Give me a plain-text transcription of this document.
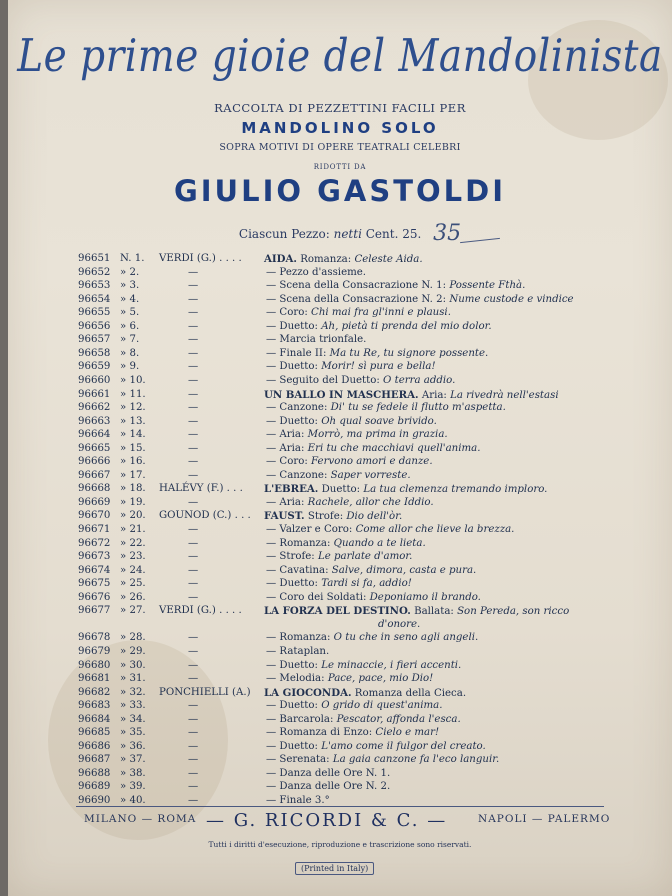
Le prime gioie del Mandolinista
RACCOLTA DI PEZZETTINI FACILI PER
MANDOLINO SOLO
SOPRA MOTIVI DI OPERE TEATRALI CELEBRI
RIDOTTI DA
GIULIO GASTOLDI
Ciascun Pezzo: netti Cent. 25. 35
96651 N. 1. VERDI (G.) . . . . AIDA. Romanza: Celeste Aida.
96652 » 2.	—	— Pezzo d'assieme.
96653 » 3.	—	— Scena della Consacrazione N. 1: Possente Fthà.
96654 » 4.	—	— Scena della Consacrazione N. 2: Nume custode e vindice
96655 » 5.	—	— Coro: Chi mai fra gl'inni e plausi.
96656 » 6.	—	— Duetto: Ah, pietà ti prenda del mio dolor.
96657 » 7.	—	— Marcia trionfale.
96658 » 8.	—	— Finale II: Ma tu Re, tu signore possente.
96659 » 9.	—	— Duetto: Morir! sì pura e bella!
96660 » 10.	—	— Seguito del Duetto: O terra addio.
96661 » 11.	—	UN BALLO IN MASCHERA. Aria: La rivedrà nell'estasi
96662 » 12.	—	— Canzone: Di' tu se fedele il flutto m'aspetta.
96663 » 13.	—	— Duetto: Oh qual soave brivido.
96664 » 14.	—	— Aria: Morrò, ma prima in grazia.
96665 » 15.	—	— Aria: Eri tu che macchiavi quell'anima.
96666 » 16.	—	— Coro: Fervono amori e danze.
96667 » 17.	—	— Canzone: Saper vorreste.
96668 » 18. HALÉVY (F.) . . . L'EBREA. Duetto: La tua clemenza tremando imploro.
96669 » 19.	—	— Aria: Rachele, allor che Iddio.
96670 » 20. GOUNOD (C.) . . . FAUST. Strofe: Dio dell'òr.
96671 » 21.	—	— Valzer e Coro: Come allor che lieve la brezza.
96672 » 22.	—	— Romanza: Quando a te lieta.
96673 » 23.	—	— Strofe: Le parlate d'amor.
96674 » 24.	—	— Cavatina: Salve, dimora, casta e pura.
96675 » 25.	—	— Duetto: Tardi si fa, addio!
96676 » 26.	—	— Coro dei Soldati: Deponiamo il brando.
96677 » 27. VERDI (G.) . . . . LA FORZA DEL DESTINO. Ballata: Son Pereda, son ricco
d'onore.
96678 » 28.	—	— Romanza: O tu che in seno agli angeli.
96679 » 29.	—	— Rataplan.
96680 » 30.	—	— Duetto: Le minaccie, i fieri accenti.
96681 » 31.	—	— Melodia: Pace, pace, mio Dio!
96682 » 32. PONCHIELLI (A.) LA GIOCONDA. Romanza della Cieca.
96683 » 33.	—	— Duetto: O grido di quest'anima.
96684 » 34.	—	— Barcarola: Pescator, affonda l'esca.
96685 » 35.	—	— Romanza di Enzo: Cielo e mar!
96686 » 36.	—	— Duetto: L'amo come il fulgor del creato.
96687 » 37.	—	— Serenata: La gaia canzone fa l'eco languir.
96688 » 38.	—	— Danza delle Ore N. 1.
96689 » 39.	—	— Danza delle Ore N. 2.
96690 » 40.	—	— Finale 3.°
MILANO — ROMA — G. RICORDI & C. —	NAPOLI — PALERMO
Tutti i diritti d'esecuzione, riproduzione e trascrizione sono riservati.
(Printed in Italy)
